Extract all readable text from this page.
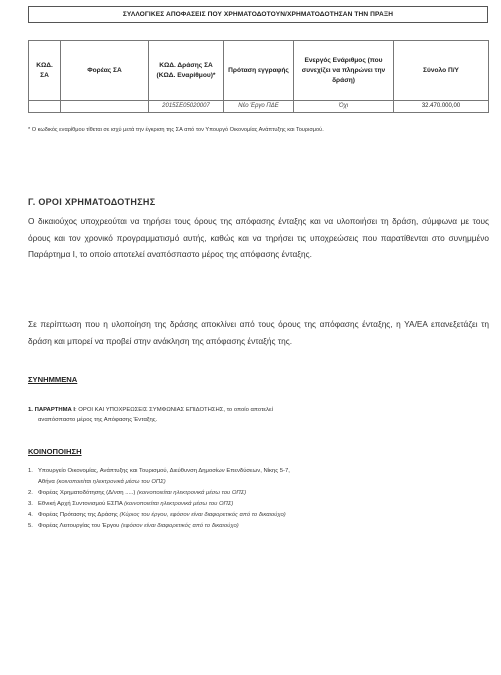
ΣΥΛΛΟΓΙΚΕΣ ΑΠΟΦΑΣΕΙΣ ΠΟΥ ΧΡΗΜΑΤΟΔΟΤΟΥΝ/ΧΡΗΜΑΤΟΔΟΤΗΣΑΝ ΤΗΝ ΠΡΑΞΗ
ΚΩΔ. ΣΑ	Φορέας ΣΑ	ΚΩΔ. Δράσης ΣΑ (ΚΩΔ. Εναρίθμου)*	Πρόταση εγγραφής	Ενεργός Ενάριθμος (που συνεχίζει να πληρώνει την δράση)	Σύνολο Π/Υ
		2015ΣΕ05020007	Νέο Έργο ΠΔΕ	Όχι	32.470.000,00
* Ο κωδικός εναρίθμου τίθεται σε ισχύ μετά την έγκριση της ΣΑ από τον Υπουργό Οικονομίας Ανάπτυξης και Τουρισμού.
Γ. ΟΡΟΙ ΧΡΗΜΑΤΟΔΟΤΗΣΗΣ
Ο δικαιούχος υποχρεούται να τηρήσει τους όρους της απόφασης ένταξης και να υλοποιήσει τη δράση, σύμφωνα με τους όρους και τον χρονικό προγραμματισμό αυτής, καθώς και να τηρήσει τις υποχρεώσεις που παρατίθενται στο συνημμένο Παράρτημα Ι, το οποίο αποτελεί αναπόσπαστο μέρος της απόφασης ένταξης.
Σε περίπτωση που η υλοποίηση της δράσης αποκλίνει από τους όρους της απόφασης ένταξης, η ΥΑ/ΕΑ επανεξετάζει τη δράση και μπορεί να προβεί στην ανάκληση της απόφασης ένταξής της.
ΣΥΝΗΜΜΕΝΑ
1. ΠΑΡΑΡΤΗΜΑ Ι: ΟΡΟΙ ΚΑΙ ΥΠΟΧΡΕΩΣΕΙΣ ΣΥΜΦΩΝΙΑΣ ΕΠΙΔΟΤΗΣΗΣ, το οποίο αποτελεί
αναπόσπαστο μέρος της Απόφασης Ένταξης.
ΚΟΙΝΟΠΟΙΗΣΗ
1. Υπουργείο Οικονομίας, Ανάπτυξης και Τουρισμού, Διεύθυνση Δημοσίων Επενδύσεων, Νίκης 5-7,
Αθήνα (κοινοποιείται ηλεκτρονικά μέσω του ΟΠΣ)
2. Φορέας Χρηματοδότησης (Δ/νση .....) (κοινοποιείται ηλεκτρονικά μέσω του ΟΠΣ)
3. Εθνική Αρχή Συντονισμού ΕΣΠΑ (κοινοποιείται ηλεκτρονικά μέσω του ΟΠΣ)
4. Φορέας Πρότασης της Δράσης (Κύριος του έργου, εφόσον είναι διαφορετικός από το δικαιούχο)
5. Φορέας Λειτουργίας του Έργου (εφόσον είναι διαφορετικός από το δικαιούχο)
